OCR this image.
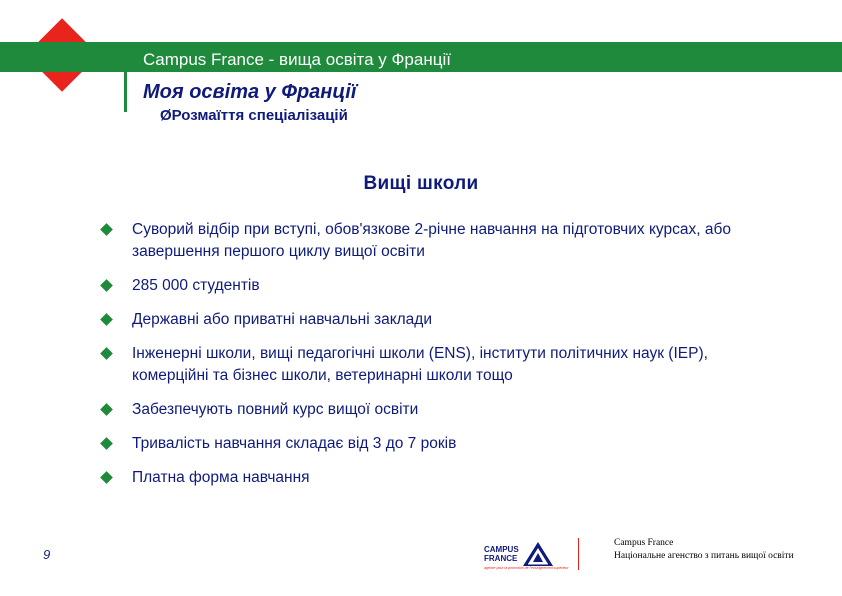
Campus France - вища освіта у Франції
Моя освіта у Франції
ØРозмаїття спеціалізацій
Вищі школи
Суворий відбір при вступі, обов'язкове 2-річне навчання на підготовчих курсах, або завершення першого циклу вищої освіти
285 000 студентів
Державні або приватні навчальні заклади
Інженерні школи, вищі педагогічні школи (ENS), інститути політичних наук (IEP), комерційні та бізнес школи, ветеринарні школи тощо
Забезпечують повний курс вищої освіти
Тривалість навчання складає від 3 до 7 років
Платна форма навчання
9	CAMPUS
FRANCE
agence pour la promotion de l'enseignement supérieur
Campus France
Національне агенство з питань вищої освіти
